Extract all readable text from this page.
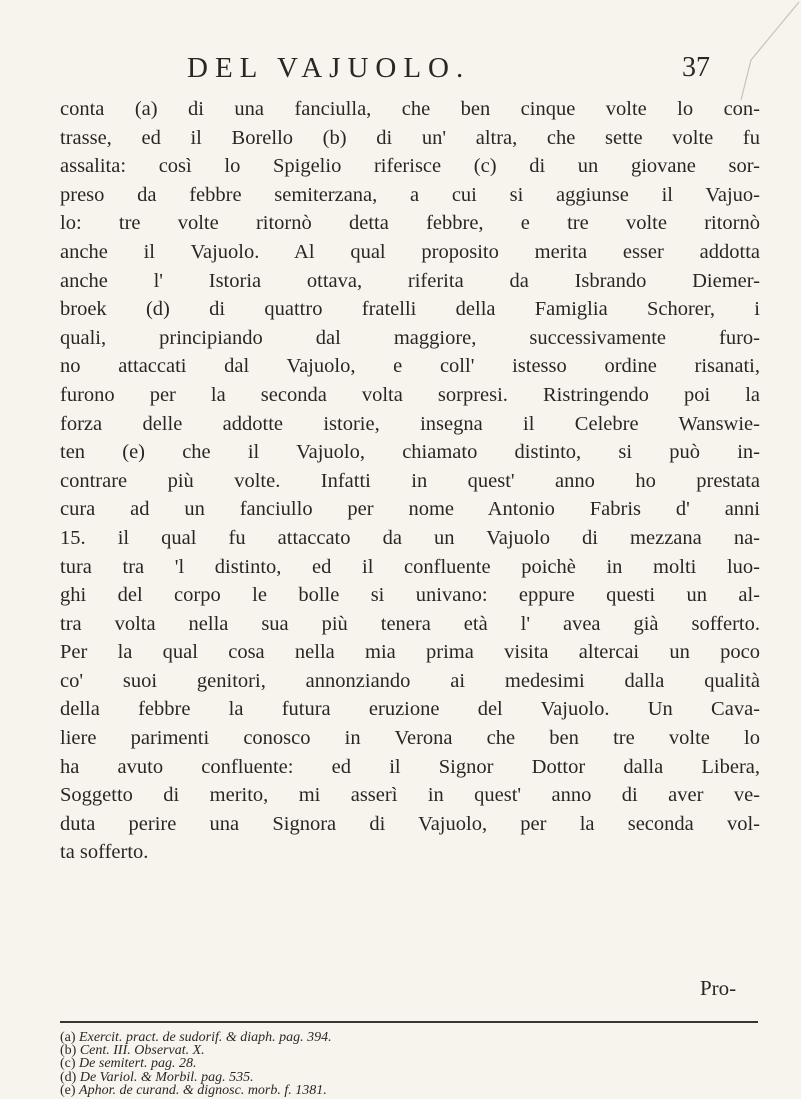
DEL VAJUOLO.	37
conta (a) di una fanciulla, che ben cinque volte lo con-
trasse, ed il Borello (b) di un' altra, che sette volte fu
assalita: così lo Spigelio riferisce (c) di un giovane sor-
preso da febbre semiterzana, a cui si aggiunse il Vajuo-
lo: tre volte ritornò detta febbre, e tre volte ritornò
anche il Vajuolo. Al qual proposito merita esser addotta
anche l' Istoria ottava, riferita da Isbrando Diemer-
broek (d) di quattro fratelli della Famiglia Schorer, i
quali, principiando dal maggiore, successivamente furo-
no attaccati dal Vajuolo, e coll' istesso ordine risanati,
furono per la seconda volta sorpresi. Ristringendo poi la
forza delle addotte istorie, insegna il Celebre Wanswie-
ten (e) che il Vajuolo, chiamato distinto, si può in-
contrare più volte. Infatti in quest' anno ho prestata
cura ad un fanciullo per nome Antonio Fabris d' anni
15. il qual fu attaccato da un Vajuolo di mezzana na-
tura tra 'l distinto, ed il confluente poichè in molti luo-
ghi del corpo le bolle si univano: eppure questi un al-
tra volta nella sua più tenera età l' avea già sofferto.
Per la qual cosa nella mia prima visita altercai un poco
co' suoi genitori, annonziando ai medesimi dalla qualità
della febbre la futura eruzione del Vajuolo. Un Cava-
liere parimenti conosco in Verona che ben tre volte lo
ha avuto confluente: ed il Signor Dottor dalla Libera,
Soggetto di merito, mi asserì in quest' anno di aver ve-
duta perire una Signora di Vajuolo, per la seconda vol-
ta sofferto.
Pro-
(a) Exercit. pract. de sudorif. & diaph. pag. 394.
(b) Cent. III. Observat. X.
(c) De semitert. pag. 28.
(d) De Variol. & Morbil. pag. 535.
(e) Aphor. de curand. & dignosc. morb. f. 1381.
